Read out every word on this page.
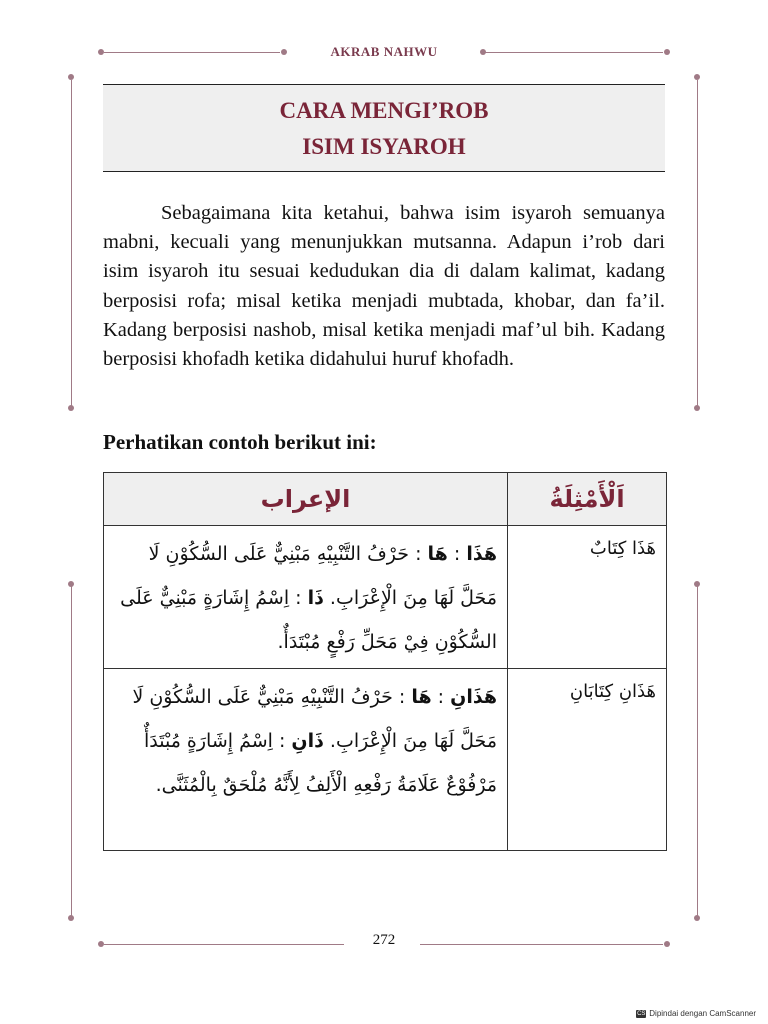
AKRAB NAHWU
CARA MENGI’ROB
ISIM ISYAROH
Sebagaimana kita ketahui, bahwa isim isyaroh semuanya mabni, kecuali yang menunjukkan mutsanna. Adapun i’rob dari isim isyaroh itu sesuai kedudukan dia di dalam kalimat, kadang berposisi rofa; misal ketika menjadi mubtada, khobar, dan fa’il. Kadang berposisi nashob, misal ketika menjadi maf’ul bih. Kadang berposisi khofadh ketika didahului huruf khofadh.
Perhatikan contoh berikut ini:
الإعراب	اَلْأَمْثِلَةُ
هَذَا : هَا : حَرْفُ التَّنْبِيْهِ مَبْنِيٌّ عَلَى السُّكُوْنِ لَا مَحَلَّ لَهَا مِنَ الْإِعْرَابِ. ذَا : اِسْمُ إِشَارَةٍ مَبْنِيٌّ عَلَى السُّكُوْنِ فِيْ مَحَلِّ رَفْعٍ مُبْتَدَأٌ.	هَذَا كِتَابٌ
هَذَانِ : هَا : حَرْفُ التَّنْبِيْهِ مَبْنِيٌّ عَلَى السُّكُوْنِ لَا مَحَلَّ لَهَا مِنَ الْإِعْرَابِ. ذَانِ : اِسْمُ إِشَارَةٍ مُبْتَدَأٌ مَرْفُوْعٌ عَلَامَةُ رَفْعِهِ الْأَلِفُ لِأَنَّهُ مُلْحَقٌ بِالْمُثَنَّى.	هَذَانِ كِتَابَانِ
272
CS Dipindai dengan CamScanner
